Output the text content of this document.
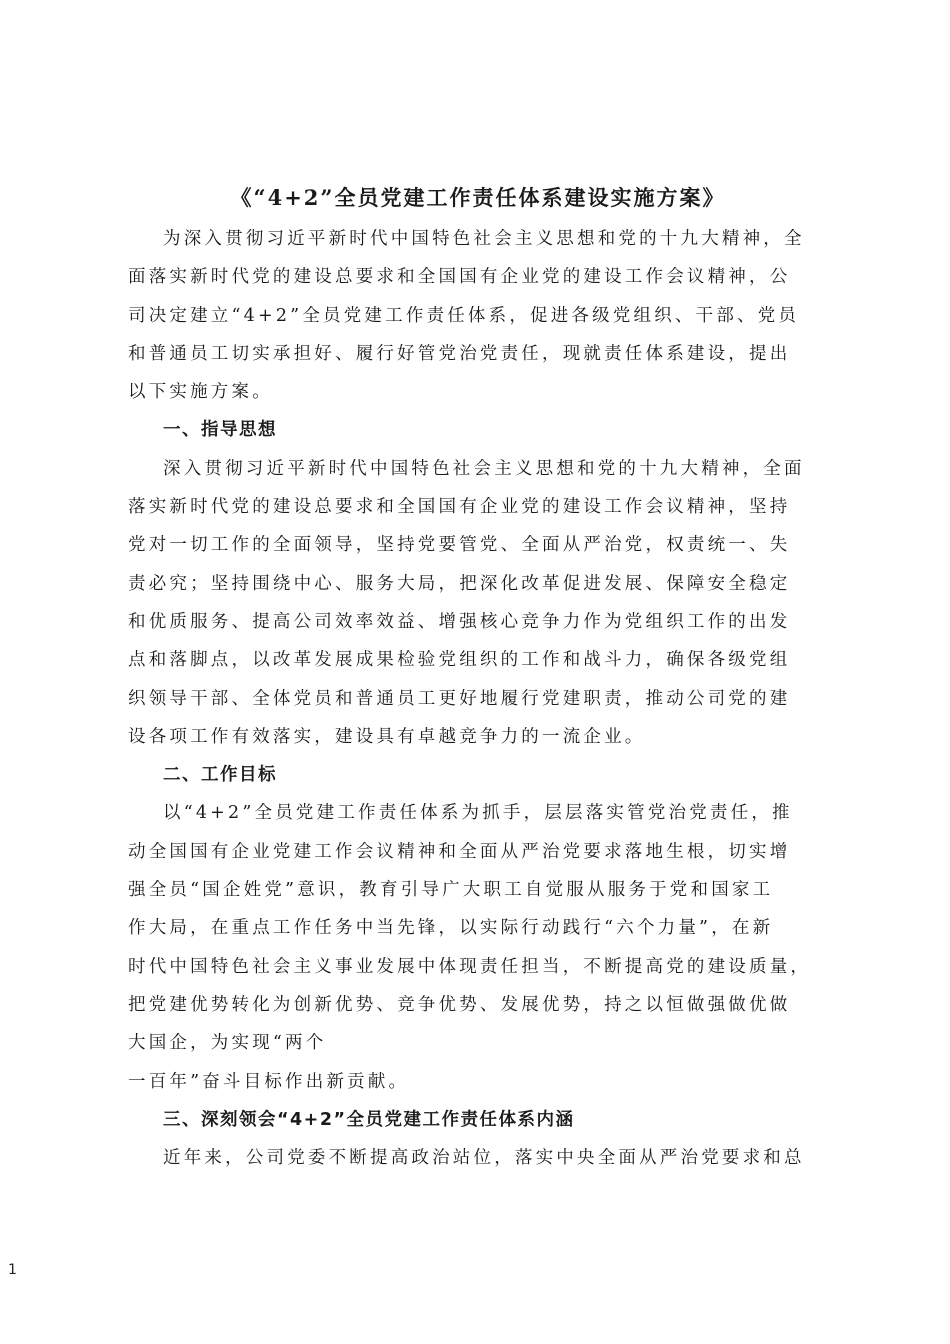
《“4+2”全员党建工作责任体系建设实施方案》

为深入贯彻习近平新时代中国特色社会主义思想和党的十九大精神，全
面落实新时代党的建设总要求和全国国有企业党的建设工作会议精神，公
司决定建立“4+2”全员党建工作责任体系，促进各级党组织、干部、党员
和普通员工切实承担好、履行好管党治党责任，现就责任体系建设，提出
以下实施方案。

一、指导思想

深入贯彻习近平新时代中国特色社会主义思想和党的十九大精神，全面
落实新时代党的建设总要求和全国国有企业党的建设工作会议精神，坚持
党对一切工作的全面领导，坚持党要管党、全面从严治党，权责统一、失
责必究；坚持围绕中心、服务大局，把深化改革促进发展、保障安全稳定
和优质服务、提高公司效率效益、增强核心竞争力作为党组织工作的出发
点和落脚点，以改革发展成果检验党组织的工作和战斗力，确保各级党组
织领导干部、全体党员和普通员工更好地履行党建职责，推动公司党的建
设各项工作有效落实，建设具有卓越竞争力的一流企业。

二、工作目标

以“4+2”全员党建工作责任体系为抓手，层层落实管党治党责任，推
动全国国有企业党建工作会议精神和全面从严治党要求落地生根，切实增
强全员“国企姓党”意识，教育引导广大职工自觉服从服务于党和国家工
作大局，在重点工作任务中当先锋，以实际行动践行“六个力量”，在新
时代中国特色社会主义事业发展中体现责任担当，不断提高党的建设质量，
把党建优势转化为创新优势、竞争优势、发展优势，持之以恒做强做优做
大国企，为实现“两个
一百年”奋斗目标作出新贡献。

三、深刻领会“4+2”全员党建工作责任体系内涵

近年来，公司党委不断提高政治站位，落实中央全面从严治党要求和总

1
